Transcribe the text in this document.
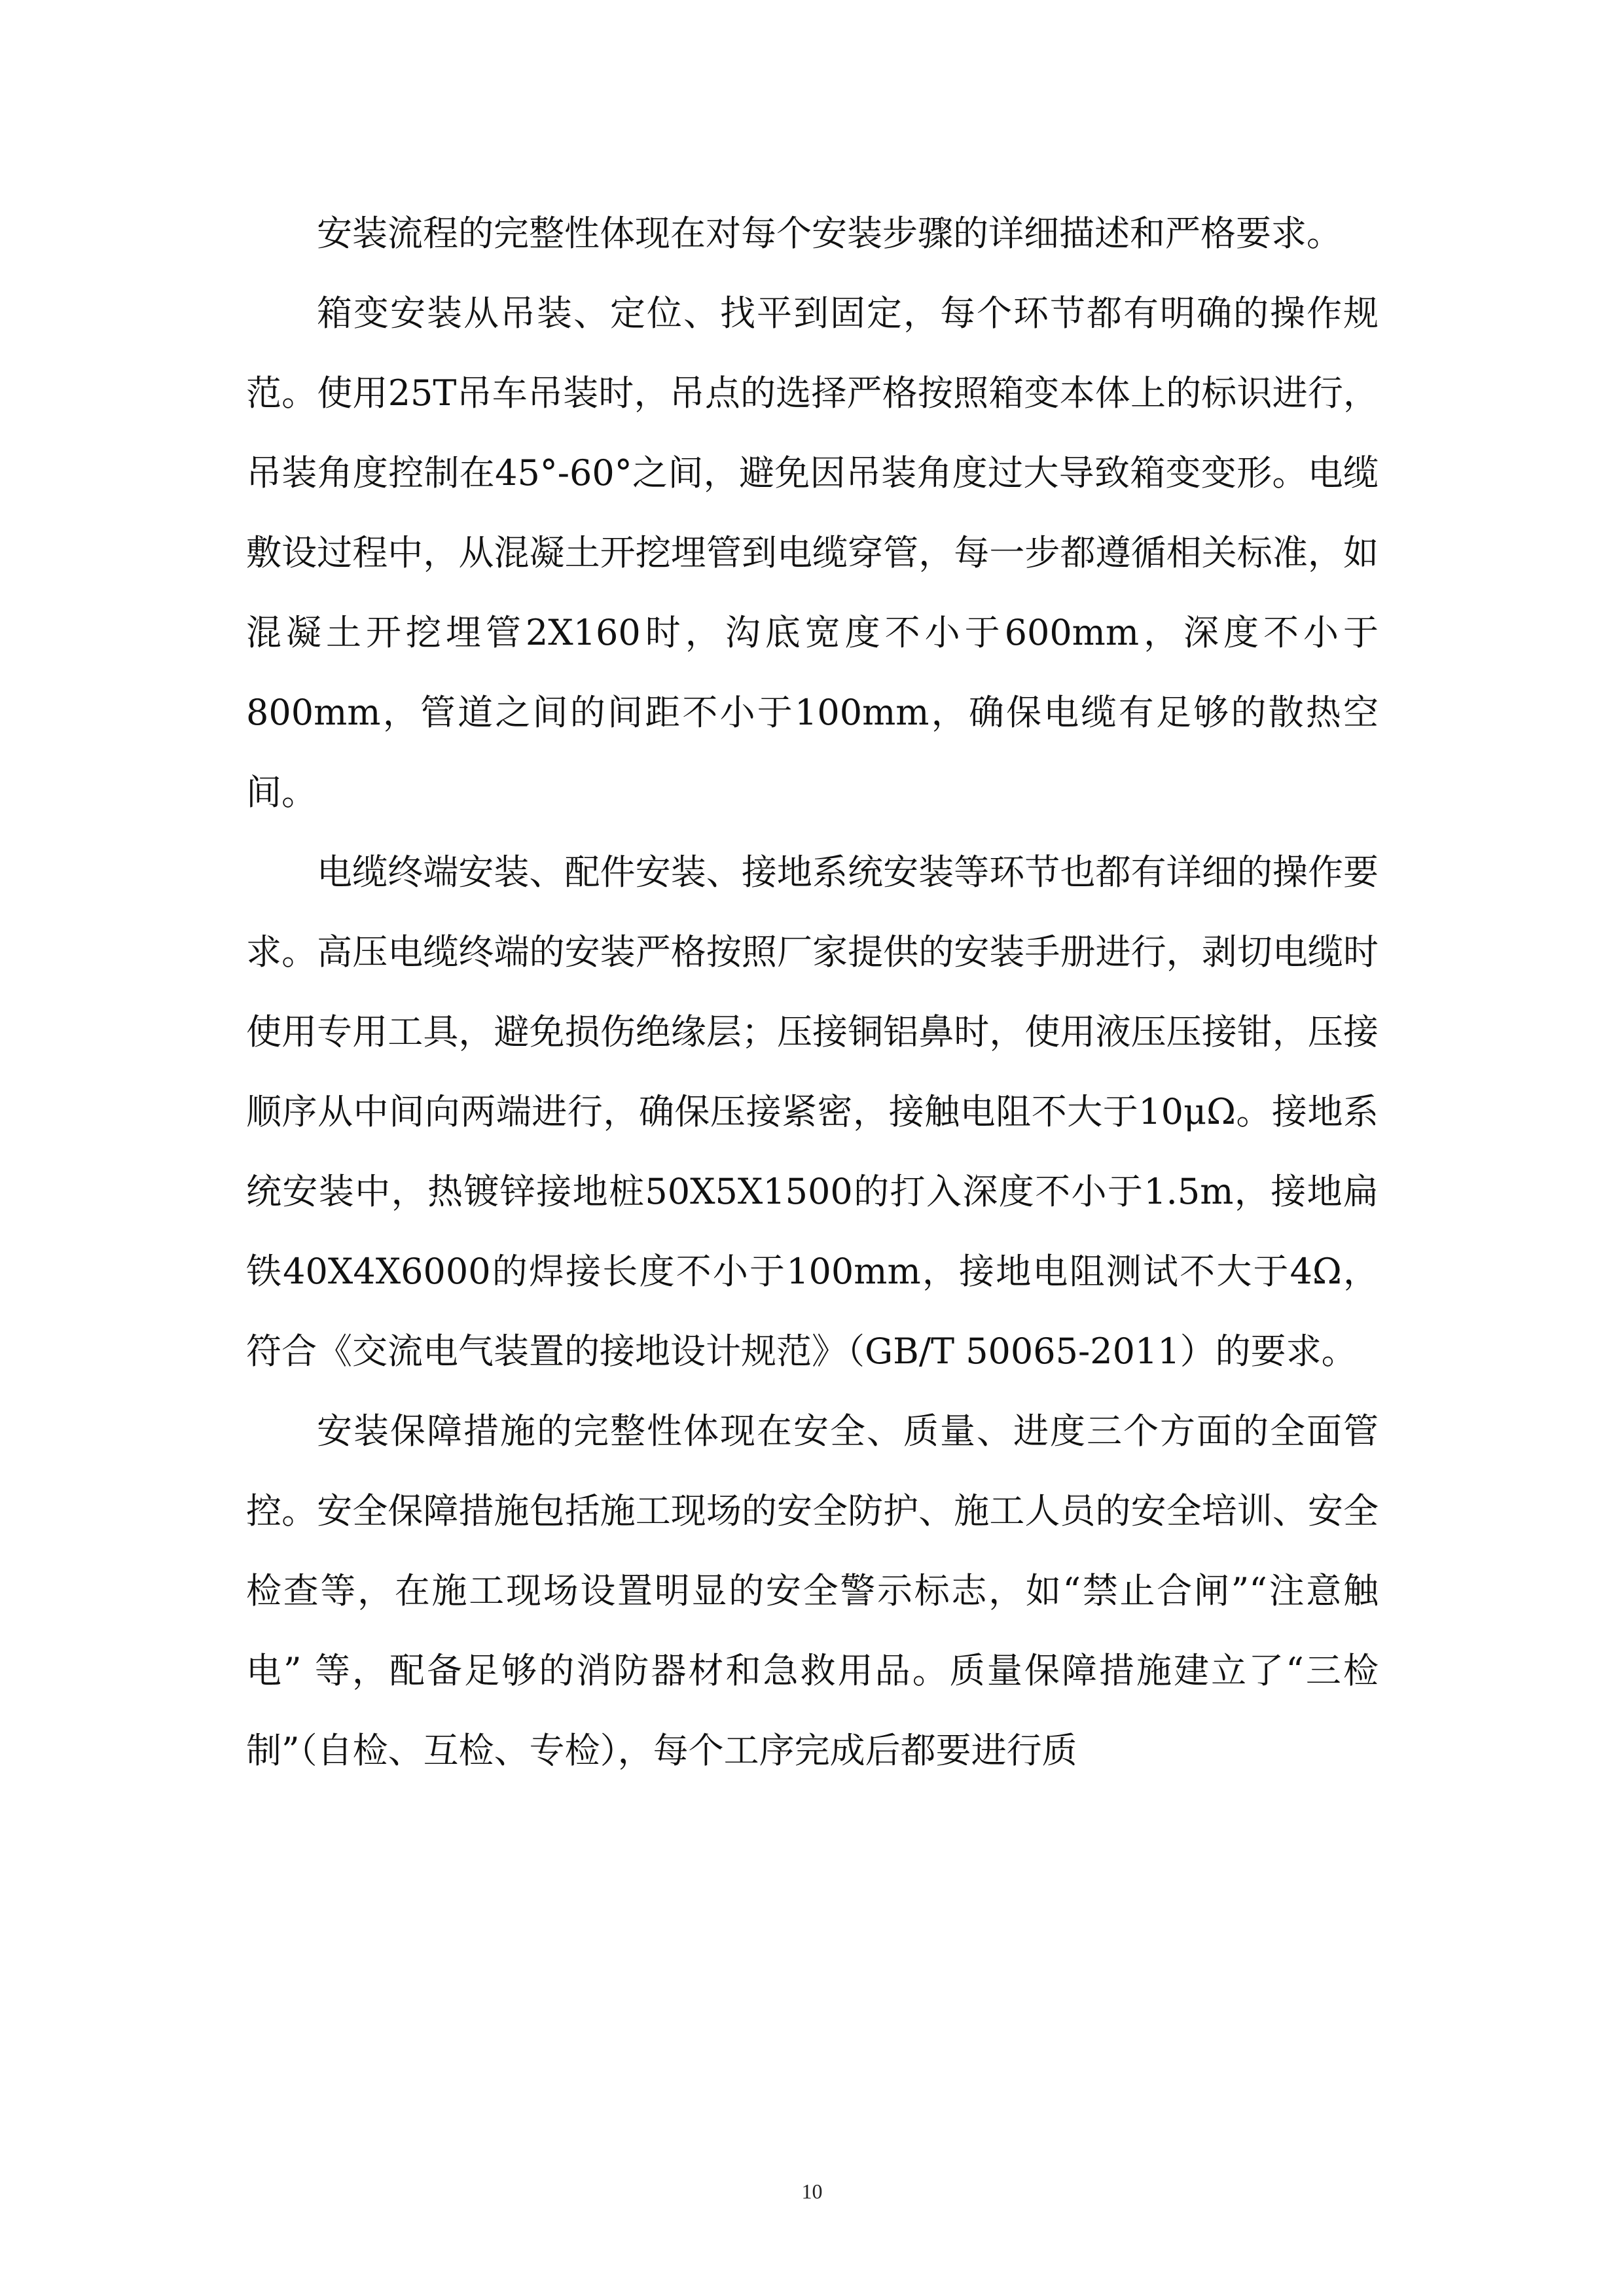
安装流程的完整性体现在对每个安装步骤的详细描述和严格要求。

箱变安装从吊装、定位、找平到固定，每个环节都有明确的操作规范。使用25T吊车吊装时，吊点的选择严格按照箱变本体上的标识进行，吊装角度控制在45°-60°之间，避免因吊装角度过大导致箱变变形。电缆敷设过程中，从混凝土开挖埋管到电缆穿管，每一步都遵循相关标准，如混凝土开挖埋管2X160时，沟底宽度不小于600mm，深度不小于800mm，管道之间的间距不小于100mm，确保电缆有足够的散热空间。

电缆终端安装、配件安装、接地系统安装等环节也都有详细的操作要求。高压电缆终端的安装严格按照厂家提供的安装手册进行，剥切电缆时使用专用工具，避免损伤绝缘层；压接铜铝鼻时，使用液压压接钳，压接顺序从中间向两端进行，确保压接紧密，接触电阻不大于10μΩ。接地系统安装中，热镀锌接地桩50X5X1500的打入深度不小于1.5m，接地扁铁40X4X6000的焊接长度不小于100mm，接地电阻测试不大于4Ω，符合《交流电气装置的接地设计规范》（GB/T 50065-2011）的要求。

安装保障措施的完整性体现在安全、质量、进度三个方面的全面管控。安全保障措施包括施工现场的安全防护、施工人员的安全培训、安全检查等，在施工现场设置明显的安全警示标志，如“禁止合闸”“注意触电” 等，配备足够的消防器材和急救用品。质量保障措施建立了“三检制”（自检、互检、专检），每个工序完成后都要进行质

10
